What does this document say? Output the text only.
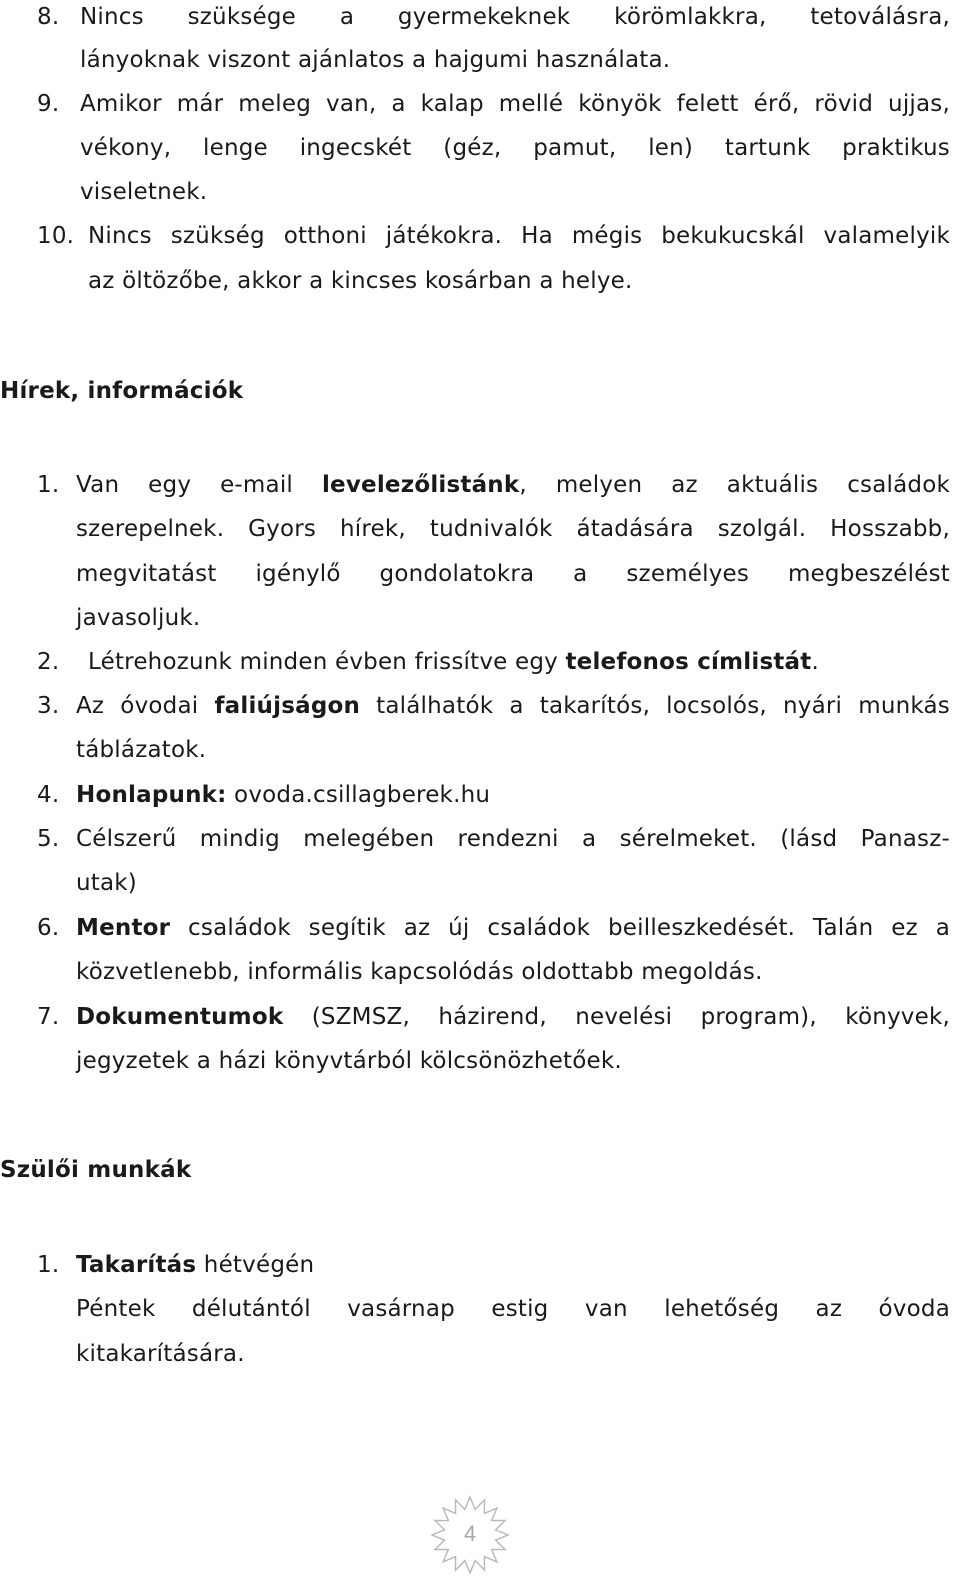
8. Nincs szüksége a gyermekeknek körömlakkra, tetoválásra,
lányoknak viszont ajánlatos a hajgumi használata.
9. Amikor már meleg van, a kalap mellé könyök felett érő, rövid ujjas,
vékony, lenge ingecskét (géz, pamut, len) tartunk praktikus
viseletnek.
10. Nincs szükség otthoni játékokra. Ha mégis bekukucskál valamelyik
az öltözőbe, akkor a kincses kosárban a helye.
Hírek, információk
1. Van egy e-mail levelezőlistánk, melyen az aktuális családok
szerepelnek. Gyors hírek, tudnivalók átadására szolgál. Hosszabb,
megvitatást igénylő gondolatokra a személyes megbeszélést
javasoljuk.
2. Létrehozunk minden évben frissítve egy telefonos címlistát.
3. Az óvodai faliújságon találhatók a takarítós, locsolós, nyári munkás
táblázatok.
4. Honlapunk: ovoda.csillagberek.hu
5. Célszerű mindig melegében rendezni a sérelmeket. (lásd Panasz-
utak)
6. Mentor családok segítik az új családok beilleszkedését. Talán ez a
közvetlenebb, informális kapcsolódás oldottabb megoldás.
7. Dokumentumok (SZMSZ, házirend, nevelési program), könyvek,
jegyzetek a házi könyvtárból kölcsönözhetőek.
Szülői munkák
1. Takarítás hétvégén
Péntek délutántól vasárnap estig van lehetőség az óvoda
kitakarítására.
4
